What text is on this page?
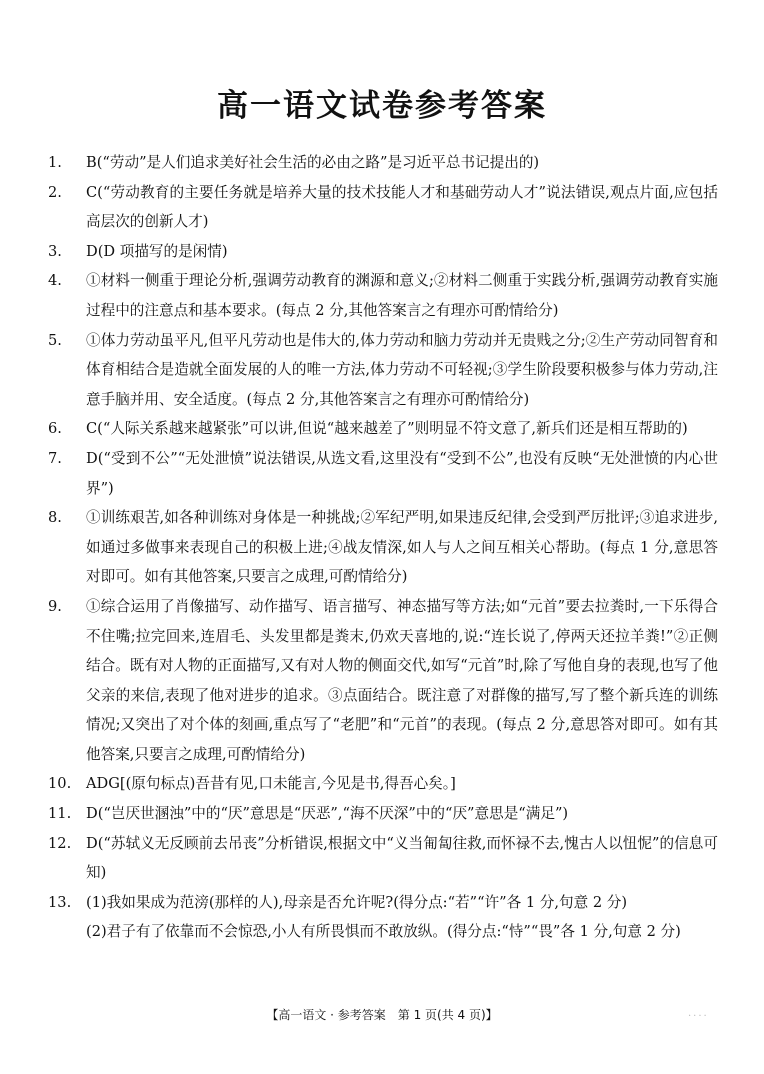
高一语文试卷参考答案
1. B(“劳动”是人们追求美好社会生活的必由之路”是习近平总书记提出的)
2. C(“劳动教育的主要任务就是培养大量的技术技能人才和基础劳动人才”说法错误,观点片面,应包括高层次的创新人才)
3. D(D 项描写的是闲情)
4. ①材料一侧重于理论分析,强调劳动教育的渊源和意义;②材料二侧重于实践分析,强调劳动教育实施过程中的注意点和基本要求。(每点 2 分,其他答案言之有理亦可酌情给分)
5. ①体力劳动虽平凡,但平凡劳动也是伟大的,体力劳动和脑力劳动并无贵贱之分;②生产劳动同智育和体育相结合是造就全面发展的人的唯一方法,体力劳动不可轻视;③学生阶段要积极参与体力劳动,注意手脑并用、安全适度。(每点 2 分,其他答案言之有理亦可酌情给分)
6. C(“人际关系越来越紧张”可以讲,但说“越来越差了”则明显不符文意了,新兵们还是相互帮助的)
7. D(“受到不公”“无处泄愤”说法错误,从选文看,这里没有“受到不公”,也没有反映“无处泄愤的内心世界”)
8. ①训练艰苦,如各种训练对身体是一种挑战;②军纪严明,如果违反纪律,会受到严厉批评;③追求进步,如通过多做事来表现自己的积极上进;④战友情深,如人与人之间互相关心帮助。(每点 1 分,意思答对即可。如有其他答案,只要言之成理,可酌情给分)
9. ①综合运用了肖像描写、动作描写、语言描写、神态描写等方法;如“元首”要去拉粪时,一下乐得合不住嘴;拉完回来,连眉毛、头发里都是粪末,仍欢天喜地的,说:“连长说了,停两天还拉羊粪!”②正侧结合。既有对人物的正面描写,又有对人物的侧面交代,如写“元首”时,除了写他自身的表现,也写了他父亲的来信,表现了他对进步的追求。③点面结合。既注意了对群像的描写,写了整个新兵连的训练情况;又突出了对个体的刻画,重点写了“老肥”和“元首”的表现。(每点 2 分,意思答对即可。如有其他答案,只要言之成理,可酌情给分)
10. ADG[(原句标点)吾昔有见,口未能言,今见是书,得吾心矣。]
11. D(“岂厌世溷浊”中的“厌”意思是“厌恶”,“海不厌深”中的“厌”意思是“满足”)
12. D(“苏轼义无反顾前去吊丧”分析错误,根据文中“义当匍匐往救,而怀禄不去,愧古人以忸怩”的信息可知)
13. (1)我如果成为范滂(那样的人),母亲是否允许呢?(得分点:“若”“许”各 1 分,句意 2 分)
(2)君子有了依靠而不会惊恐,小人有所畏惧而不敢放纵。(得分点:“恃”“畏”各 1 分,句意 2 分)
【高一语文 · 参考答案　第 1 页(共 4 页)】	....
